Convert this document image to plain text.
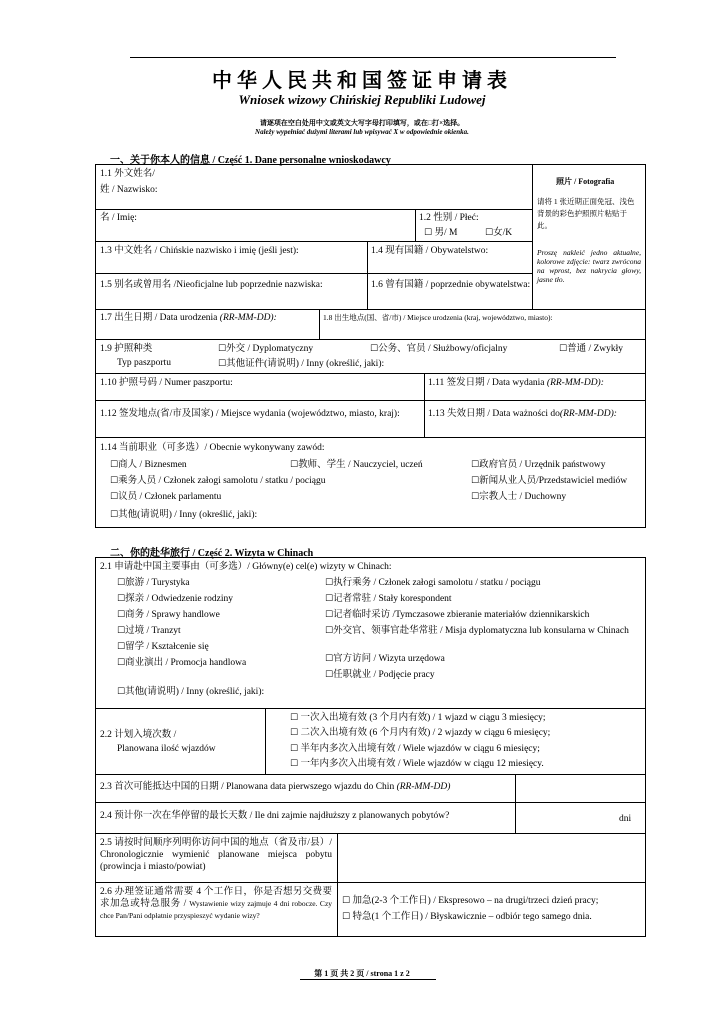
中华人民共和国签证申请表
Wniosek wizowy Chińskiej Republiki Ludowej
请逐项在空白处用中文或英文大写字母打印填写，或在□打×选择。
Należy wypełniać dużymi literami lub wpisywać X w odpowiednie okienka.
一、关于你本人的信息 / Część 1. Dane personalne wnioskodawcy
1.1 外文姓名/
姓 / Nazwisko:
名 / Imię:	1.2 性别 / Płeć:
☐ 男/ M	☐女/K
照片 / Fotografia
请将 1 张近期正面免冠、浅色背景的彩色护照照片粘贴于此。
Proszę nakleić jedno aktualne, kolorowe zdjęcie: twarz zwrócona na wprost, bez nakrycia głowy, jasne tło.
1.3 中文姓名 / Chińskie nazwisko i imię (jeśli jest):	1.4 现有国籍 / Obywatelstwo:
1.5 别名或曾用名 /Nieoficjalne lub poprzednie nazwiska:	1.6 曾有国籍 / poprzednie obywatelstwa:
1.7 出生日期 / Data urodzenia (RR-MM-DD):	1.8 出生地点(国、省/市) / Miejsce urodzenia (kraj, województwo, miasto):
1.9 护照种类
Typ paszportu
☐外交 / Dyplomatyczny	☐公务、官员 / Służbowy/oficjalny	☐普通 / Zwykły
☐其他证件(请说明) / Inny (określić, jaki):
1.10 护照号码 / Numer paszportu:	1.11 签发日期 / Data wydania (RR-MM-DD):
1.12 签发地点(省/市及国家) / Miejsce wydania (województwo, miasto, kraj):	1.13 失效日期 / Data ważności do(RR-MM-DD):
1.14 当前职业（可多选）/ Obecnie wykonywany zawód:
☐商人 / Biznesmen	☐教师、学生 / Nauczyciel, uczeń	☐政府官员 / Urzędnik państwowy
☐乘务人员 / Członek załogi samolotu / statku / pociągu	☐新闻从业人员/Przedstawiciel mediów
☐议员 / Członek parlamentu	☐宗教人士 / Duchowny
☐其他(请说明) / Inny (określić, jaki):
二、你的赴华旅行 / Część 2. Wizyta w Chinach
2.1 申请赴中国主要事由（可多选）/ Główny(e) cel(e) wizyty w Chinach:
☐旅游 / Turystyka
☐探亲 / Odwiedzenie rodziny
☐商务 / Sprawy handlowe
☐过境 / Tranzyt
☐留学 / Kształcenie się
☐商业演出 / Promocja handlowa
☐执行乘务 / Członek załogi samolotu / statku / pociągu
☐记者常驻 / Stały korespondent
☐记者临时采访 /Tymczasowe zbieranie materiałów dziennikarskich
☐外交官、领事官赴华常驻 / Misja dyplomatyczna lub konsularna w Chinach
☐官方访问 / Wizyta urzędowa
☐任职就业 / Podjęcie pracy
☐其他(请说明) / Inny (określić, jaki):
2.2 计划入境次数 /
Planowana ilość wjazdów
☐ 一次入出境有效 (3 个月内有效) / 1 wjazd w ciągu 3 miesięcy;
☐ 二次入出境有效 (6 个月内有效) / 2 wjazdy w ciągu 6 miesięcy;
☐ 半年内多次入出境有效 / Wiele wjazdów w ciągu 6 miesięcy;
☐ 一年内多次入出境有效 / Wiele wjazdów w ciągu 12 miesięcy.
2.3 首次可能抵达中国的日期 / Planowana data pierwszego wjazdu do Chin (RR-MM-DD)
2.4 预计你一次在华停留的最长天数 / Ile dni zajmie najdłuższy z planowanych pobytów?	dni
2.5 请按时间顺序列明你访问中国的地点（省及市/县）/ Chronologicznie wymienić planowane miejsca pobytu (prowincja i miasto/powiat)
2.6 办理签证通常需要 4 个工作日，你是否想另交费要求加急或特急服务 / Wystawienie wizy zajmuje 4 dni robocze. Czy chce Pan/Pani odpłatnie przyspieszyć wydanie wizy?
☐ 加急(2-3 个工作日) / Ekspresowo – na drugi/trzeci dzień pracy;
☐ 特急(1 个工作日) / Błyskawicznie – odbiór tego samego dnia.
第 1 页 共 2 页 / strona 1 z 2
